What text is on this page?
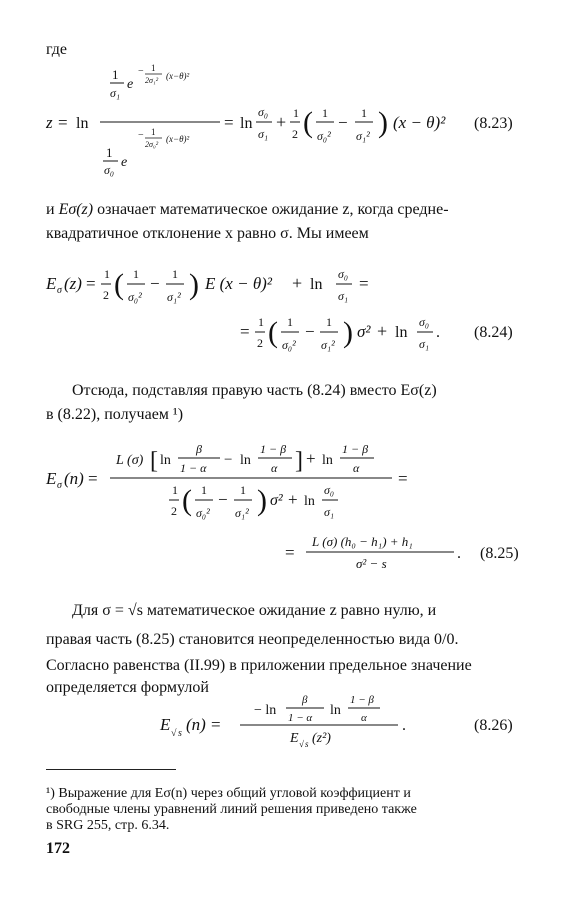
где
z = ln
1
σ₁
e
− 1
2σ₁² (x−θ)²
− 1
2σ₀²
(x−θ)²
1
σ₀ e
= ln
σ₀
σ₁
+ 1
2 ( 1
σ₀²
− 1
σ₁² ) (x − θ)² (8.23)
и Eσ(z) означает математическое ожидание z, когда средне-
квадратичное отклонение x равно σ. Мы имеем
E σ (z) = 1
2 ( 1
σ₀²
− 1
σ₁² ) E (x − θ)² + ln
σ₀
σ₁
=
= 1
2 ( 1
σ₀²
− 1
σ₁² ) σ² + ln
σ₀
σ₁
. (8.24)
Отсюда, подставляя правую часть (8.24) вместо Eσ(z)
в (8.22), получаем ¹)
E σ (n) =
L (σ) [ ln
β
1 − α − ln
1 − β
α ] + ln
1 − β
α
1
2 ( 1
σ₀²
− 1
σ₁² ) σ² + ln
σ₀
σ₁
=
=
L (σ) (h₀ − h₁) + h₁
σ² − s
. (8.25)
Для σ = √s математическое ожидание z равно нулю, и
правая часть (8.25) становится неопределенностью вида 0/0.
Согласно равенства (II.99) в приложении предельное значение
определяется формулой
E √ s (n) =
− ln
β
1 − α ln
1 − β
α
E √ s (z²)
.	(8.26)
¹) Выражение для Eσ(n) через общий угловой коэффициент и
свободные члены уравнений линий решения приведено также
в SRG 255, стр. 6.34.
172
